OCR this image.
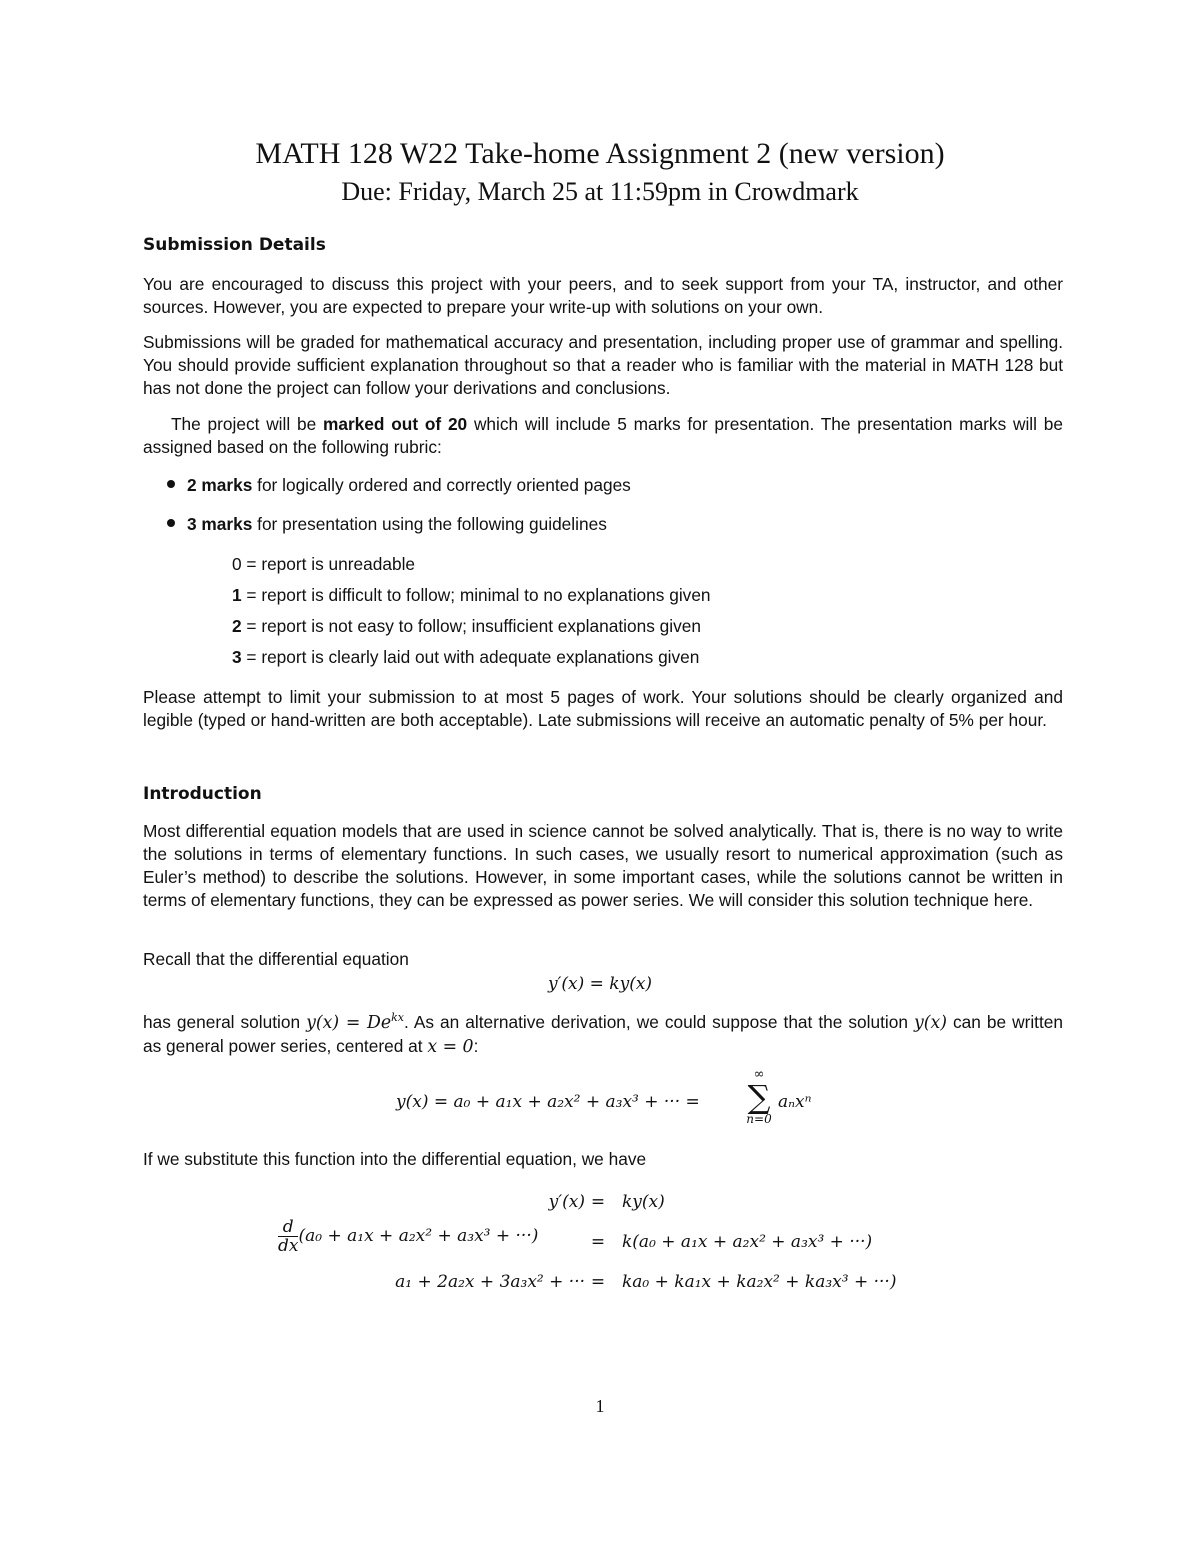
MATH 128 W22 Take-home Assignment 2 (new version)
Due: Friday, March 25 at 11:59pm in Crowdmark
Submission Details
You are encouraged to discuss this project with your peers, and to seek support from your TA, instructor, and other sources. However, you are expected to prepare your write-up with solutions on your own.
Submissions will be graded for mathematical accuracy and presentation, including proper use of grammar and spelling. You should provide sufficient explanation throughout so that a reader who is familiar with the material in MATH 128 but has not done the project can follow your derivations and conclusions.
The project will be marked out of 20 which will include 5 marks for presentation. The presentation marks will be assigned based on the following rubric:
2 marks for logically ordered and correctly oriented pages
3 marks for presentation using the following guidelines
0 = report is unreadable
1 = report is difficult to follow; minimal to no explanations given
2 = report is not easy to follow; insufficient explanations given
3 = report is clearly laid out with adequate explanations given
Please attempt to limit your submission to at most 5 pages of work. Your solutions should be clearly organized and legible (typed or hand-written are both acceptable). Late submissions will receive an automatic penalty of 5% per hour.
Introduction
Most differential equation models that are used in science cannot be solved analytically. That is, there is no way to write the solutions in terms of elementary functions. In such cases, we usually resort to numerical approximation (such as Euler’s method) to describe the solutions. However, in some important cases, while the solutions cannot be written in terms of elementary functions, they can be expressed as power series. We will consider this solution technique here.
Recall that the differential equation
y′(x) = ky(x)
has general solution $y(x) = De^{kx}$. As an alternative derivation, we could suppose that the solution y(x) can be written as general power series, centered at x = 0:
y(x) = a₀ + a₁x + a₂x² + a₃x³ + ··· =
∞
∑
n=0
aₙxⁿ
If we substitute this function into the differential equation, we have
y′(x) = ky(x)
$\frac{d}{dx} (a_0 + a_1x + a_2x^2 + a_3x^3$ + ···)	= k(a₀ + a₁x + a₂x² + a₃x³ + ···)
a₁ + 2a₂x + 3a₃x² + ··· = ka₀ + ka₁x + ka₂x² + ka₃x³ + ···)
1
